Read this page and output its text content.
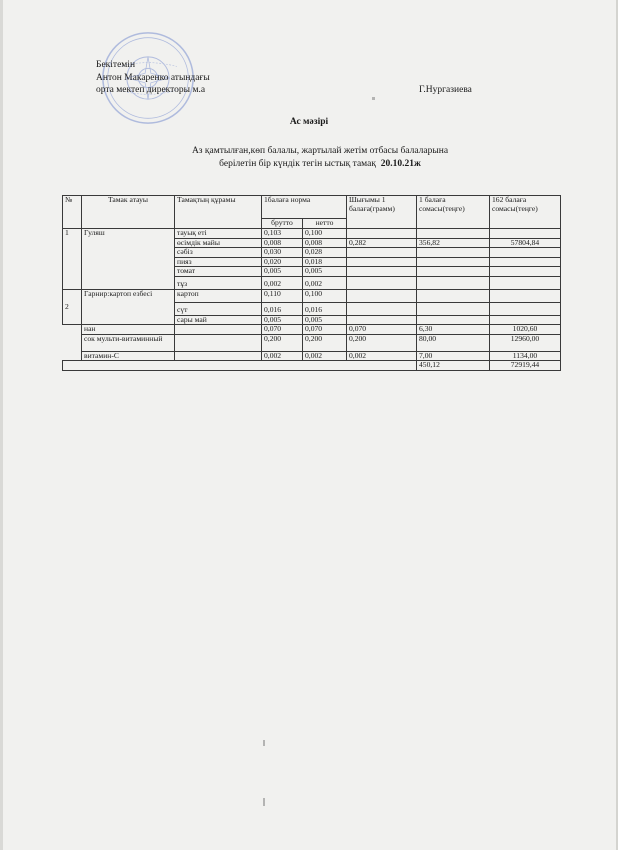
Бекітемін
Антон Макаренко атындағы
орта мектеп директоры м.а	Г.Нургазиева
Ас мәзірі
Аз қамтылған,көп балалы, жартылай жетім отбасы балаларына
берілетін бір күндік тегін ыстық тамақ 20.10.21ж
№	Тамак атауы	Тамақтың құрамы	1балаға норма		Шығымы 1 балаға(грамм)	1 балаға сомасы(теңге)	162 балаға сомасы(теңге)
			брутто	нетто			
1	Гуляш	тауық еті	0,103	0,100			
		өсімдік майы	0,008	0,008	0,282	356,82	57804,84
		сәбіз	0,030	0,028			
		пияз	0,020	0,018			
		томат	0,005	0,005			
		тұз	0,002	0,002			
2	Гарнир:картоп езбесі	картоп	0,110	0,100			
		сүт	0,016	0,016			
		сары май	0,005	0,005			
	нан		0,070	0,070	0,070	6,30	1020,60
	сок мульти-витаминный		0,200	0,200	0,200	80,00	12960,00
	витамин-С		0,002	0,002	0,002	7,00	1134,00
						450,12	72919,44
